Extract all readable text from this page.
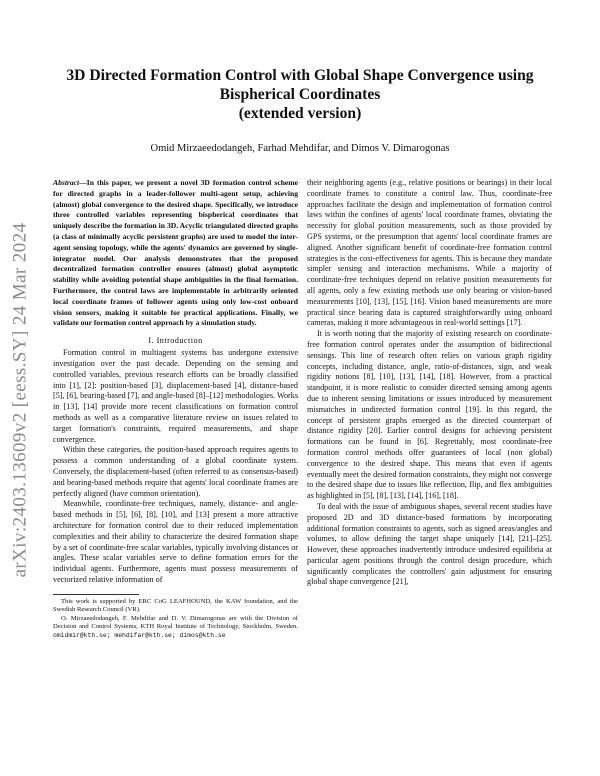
arXiv:2403.13609v2 [eess.SY] 24 Mar 2024
3D Directed Formation Control with Global Shape Convergence using
Bispherical Coordinates
(extended version)
Omid Mirzaeedodangeh, Farhad Mehdifar, and Dimos V. Dimarogonas

Abstract—In this paper, we present a novel 3D formation control scheme for directed graphs in a leader-follower multi-agent setup, achieving (almost) global convergence to the desired shape. Specifically, we introduce three controlled variables representing bispherical coordinates that uniquely describe the formation in 3D. Acyclic triangulated directed graphs (a class of minimally acyclic persistent graphs) are used to model the inter-agent sensing topology, while the agents' dynamics are governed by single-integrator model. Our analysis demonstrates that the proposed decentralized formation controller ensures (almost) global asymptotic stability while avoiding potential shape ambiguities in the final formation. Furthermore, the control laws are implementable in arbitrarily oriented local coordinate frames of follower agents using only low-cost onboard vision sensors, making it suitable for practical applications. Finally, we validate our formation control approach by a simulation study.

I. Introduction

Formation control in multiagent systems has undergone extensive investigation over the past decade. Depending on the sensing and controlled variables, previous research efforts can be broadly classified into [1], [2]: position-based [3], displacement-based [4], distance-based [5], [6], bearing-based [7], and angle-based [8]–[12] methodologies. Works in [13], [14] provide more recent classifications on formation control methods as well as a comparative literature review on issues related to target formation's constraints, required measurements, and shape convergence.

Within these categories, the position-based approach requires agents to possess a common understanding of a global coordinate system. Conversely, the displacement-based (often referred to as consensus-based) and bearing-based methods require that agents' local coordinate frames are perfectly aligned (have common orientation).

Meanwhile, coordinate-free techniques, namely, distance- and angle-based methods in [5], [6], [8], [10], and [13] present a more attractive architecture for formation control due to their reduced implementation complexities and their ability to characterize the desired formation shape by a set of coordinate-free scalar variables, typically involving distances or angles. These scalar variables serve to define formation errors for the individual agents. Furthermore, agents must possess measurements of vectorized relative information of

This work is supported by ERC CoG LEAFHOUND, the KAW foundation, and the Swedish Research Council (VR).

O. Mirzaeedodangeh, F. Mehdifar and D. V. Dimarogonas are with the Division of Decision and Control Systems, KTH Royal Institute of Technology, Stockholm, Sweden. omidmir@kth.se; mehdifar@kth.se; dimos@kth.se

their neighboring agents (e.g., relative positions or bearings) in their local coordinate frames to constitute a control law. Thus, coordinate-free approaches facilitate the design and implementation of formation control laws within the confines of agents' local coordinate frames, obviating the necessity for global position measurements, such as those provided by GPS systems, or the presumption that agents' local coordinate frames are aligned. Another significant benefit of coordinate-free formation control strategies is the cost-effectiveness for agents. This is because they mandate simpler sensing and interaction mechanisms. While a majority of coordinate-free techniques depend on relative position measurements for all agents, only a few existing methods use only bearing or vision-based measurements [10], [13], [15], [16]. Vision based measurements are more practical since bearing data is captured straightforwardly using onboard cameras, making it more advantageous in real-world settings [17].

It is worth noting that the majority of existing research on coordinate-free formation control operates under the assumption of bidirectional sensings. This line of research often relies on various graph rigidity concepts, including distance, angle, ratio-of-distances, sign, and weak rigidity notions [8], [10], [13], [14], [18]. However, from a practical standpoint, it is more realistic to consider directed sensing among agents due to inherent sensing limitations or issues introduced by measurement mismatches in undirected formation control [19]. In this regard, the concept of persistent graphs emerged as the directed counterpart of distance rigidity [20]. Earlier control designs for achieving persistent formations can be found in [6]. Regrettably, most coordinate-free formation control methods offer guarantees of local (non global) convergence to the desired shape. This means that even if agents eventually meet the desired formation constraints, they might not converge to the desired shape due to issues like reflection, flip, and flex ambiguities as highlighted in [5], [8], [13], [14], [16], [18].

To deal with the issue of ambiguous shapes, several recent studies have proposed 2D and 3D distance-based formations by incorporating additional formation constraints to agents, such as signed areas/angles and volumes, to allow defining the target shape uniquely [14], [21]–[25]. However, these approaches inadvertently introduce undesired equilibria at particular agent positions through the control design procedure, which significantly complicates the controllers' gain adjustment for ensuring global shape convergence [21],
